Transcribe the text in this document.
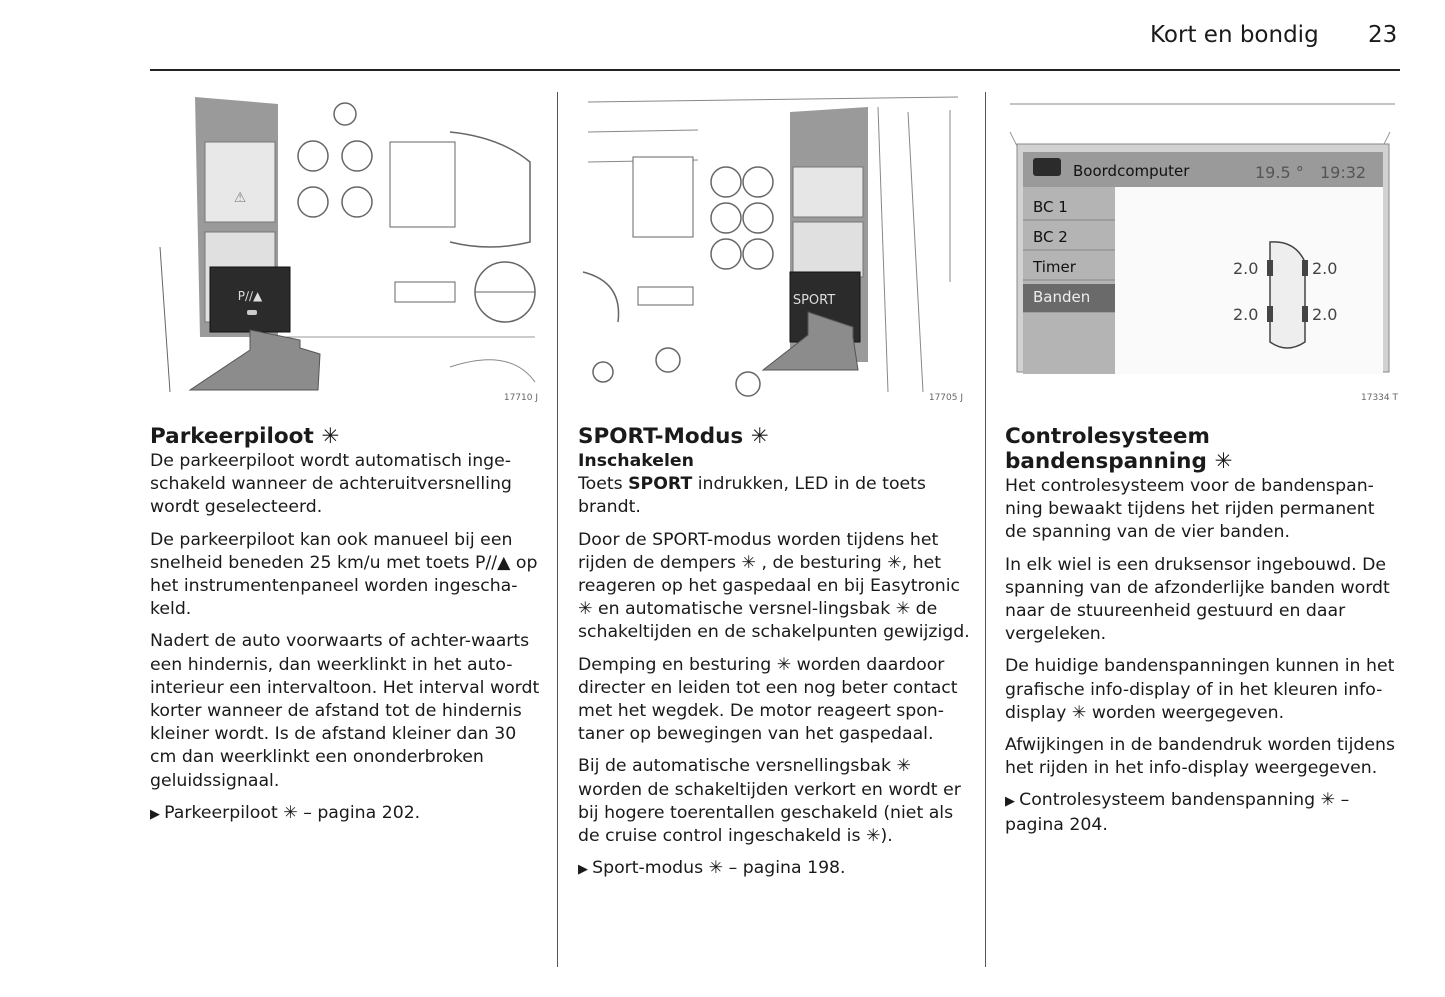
Kort en bondig 23
⚠
P∕∕▲
17710 J
SPORT
17705 J
Boordcomputer	19.5 ° 19:32
BC 1
BC 2
Timer
Banden
2.0	2.0
2.0	2.0
17334 T
Parkeerpiloot ✳

De parkeerpiloot wordt automatisch inge-schakeld wanneer de achteruitversnelling wordt geselecteerd.

De parkeerpiloot kan ook manueel bij een snelheid beneden 25 km/u met toets P∕∕▲ op het instrumentenpaneel worden ingescha-keld.

Nadert de auto voorwaarts of achter-waarts een hindernis, dan weerklinkt in het auto-interieur een intervaltoon. Het interval wordt

korter wanneer de afstand tot de hindernis kleiner wordt. Is de afstand kleiner dan 30 cm dan weerklinkt een ononderbroken geluidssignaal.

▶ Parkeerpiloot ✳ – pagina 202.

SPORT-Modus ✳
Inschakelen

Toets SPORT indrukken, LED in de toets brandt.

Door de SPORT-modus worden tijdens het rijden de dempers ✳ , de besturing ✳, het reageren op het gaspedaal en bij Easytronic ✳ en automatische versnel-lingsbak ✳ de schakeltijden en de schakelpunten gewijzigd.

Demping en besturing ✳ worden daardoor directer en leiden tot een nog beter contact met het wegdek. De motor reageert spon-taner op bewegingen van het gaspedaal.

Bij de automatische versnellingsbak ✳ worden de schakeltijden verkort en wordt er bij hogere toerentallen geschakeld (niet als de cruise control ingeschakeld is ✳).

▶ Sport-modus ✳ – pagina 198.

Controlesysteem
bandenspanning ✳

Het controlesysteem voor de bandenspan-ning bewaakt tijdens het rijden permanent de spanning van de vier banden.

In elk wiel is een druksensor ingebouwd. De spanning van de afzonderlijke banden wordt naar de stuureenheid gestuurd en daar vergeleken.

De huidige bandenspanningen kunnen in het grafische info-display of in het kleuren info-display ✳ worden weergegeven.

Afwijkingen in de bandendruk worden tijdens het rijden in het info-display weergegeven.

▶ Controlesysteem bandenspanning ✳ – pagina 204.
